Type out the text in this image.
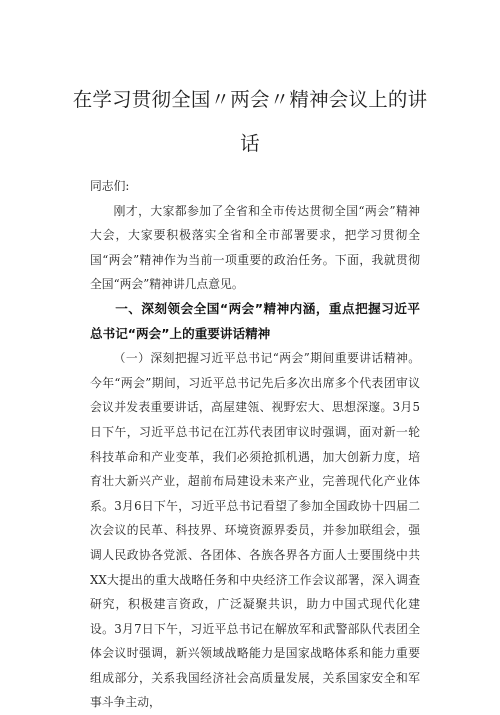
在学习贯彻全国〃两会〃精神会议上的讲话

同志们:

刚才，大家都参加了全省和全市传达贯彻全国“两会”精神大会，大家要积极落实全省和全市部署要求，把学习贯彻全国“两会”精神作为当前一项重要的政治任务。下面，我就贯彻全国“两会”精神讲几点意见。

一、深刻领会全国“两会”精神内涵，重点把握习近平总书记“两会”上的重要讲话精神

（一）深刻把握习近平总书记“两会”期间重要讲话精神。今年“两会”期间，习近平总书记先后多次出席多个代表团审议会议并发表重要讲话，高屋建瓴、视野宏大、思想深邃。3月5日下午，习近平总书记在江苏代表团审议时强调，面对新一轮科技革命和产业变革，我们必须抢抓机遇，加大创新力度，培育壮大新兴产业，超前布局建设未来产业，完善现代化产业体系。3月6日下午，习近平总书记看望了参加全国政协十四届二次会议的民革、科技界、环境资源界委员，并参加联组会，强调人民政协各党派、各团体、各族各界各方面人士要围绕中共XX大提出的重大战略任务和中央经济工作会议部署，深入调查研究，积极建言资政，广泛凝聚共识，助力中国式现代化建设。3月7日下午，习近平总书记在解放军和武警部队代表团全体会议时强调，新兴领域战略能力是国家战略体系和能力重要组成部分，关系我国经济社会高质量发展，关系国家安全和军事斗争主动，
